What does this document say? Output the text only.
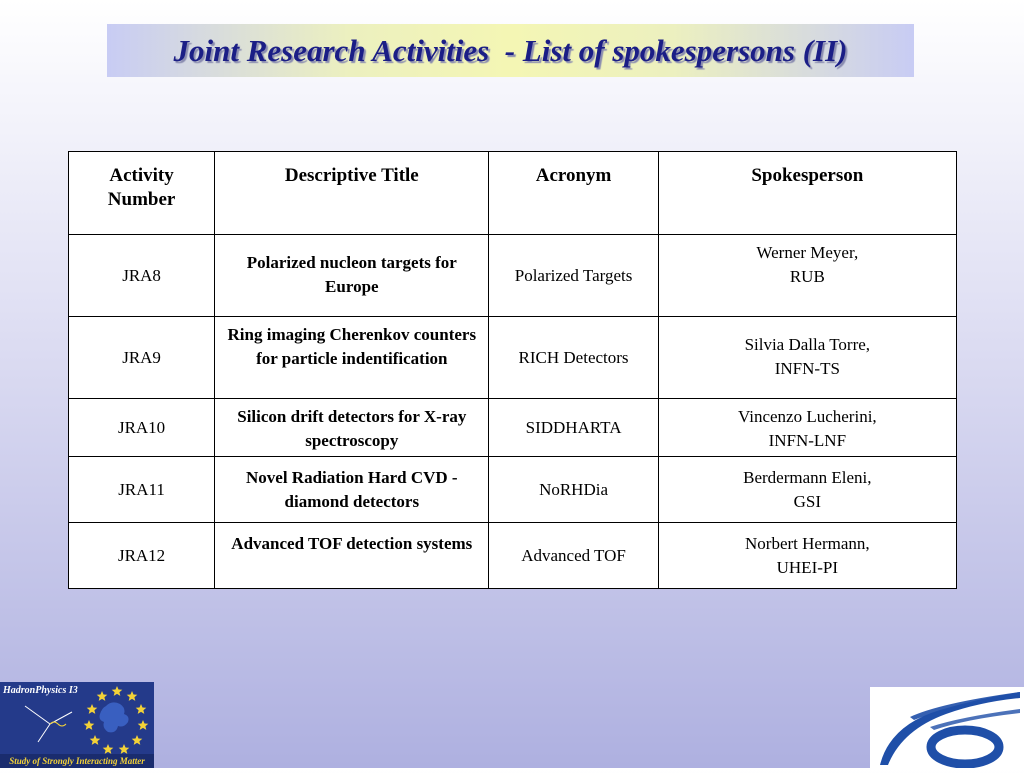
Joint Research Activities  - List of spokespersons (II)
Activity Number	Descriptive Title	Acronym	Spokesperson
JRA8	Polarized nucleon targets for Europe	Polarized Targets	Werner Meyer,
RUB

JRA9	Ring imaging Cherenkov counters for particle indentification	RICH Detectors	Silvia Dalla Torre,
INFN-TS

JRA10	Silicon drift detectors for X-ray spectroscopy	SIDDHARTA	Vincenzo Lucherini,
INFN-LNF

JRA11	Novel Radiation Hard CVD - diamond detectors	NoRHDia	Berdermann Eleni,
GSI

JRA12	Advanced TOF detection systems	Advanced TOF	Norbert Hermann,
UHEI-PI
HadronPhysics I3
Study of Strongly Interacting Matter
